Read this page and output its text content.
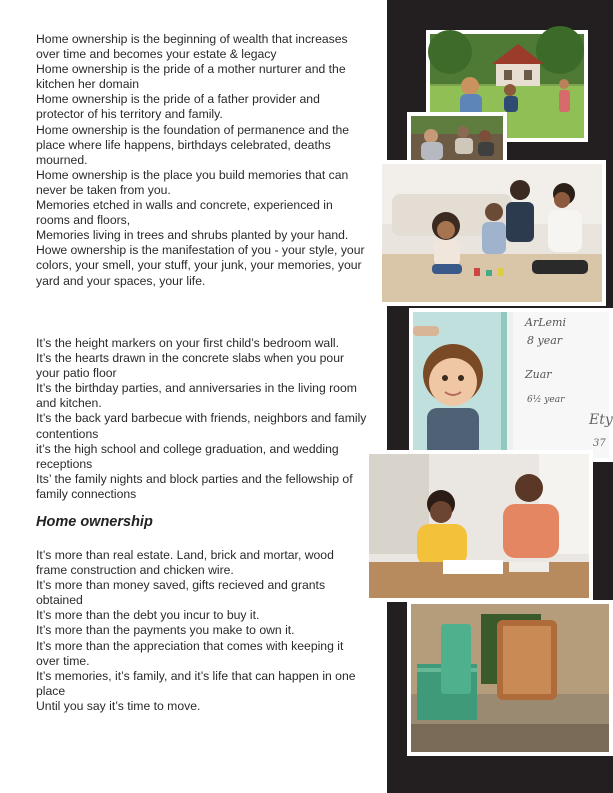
Home ownership is the beginning of wealth that increases over time and becomes your estate & legacy
Home ownership is the pride of a mother nurturer and the kitchen her domain
Home ownership is the pride of a father provider and protector of his territory and family.
Home ownership is the foundation of permanence and the place where life happens, birthdays celebrated, deaths mourned.
Home ownership is the place you build memories that can never be taken from you.
Memories etched in walls and concrete, experienced in rooms and floors,
Memories living in trees and shrubs planted by your hand.
Howe ownership is the manifestation of you - your style, your colors, your smell, your stuff, your junk, your memories, your yard and your spaces, your life.
It’s the height markers on your first child’s bedroom wall.
It’s the hearts drawn in the concrete slabs when you pour your patio floor
It’s the birthday parties, and anniversaries in the living room and kitchen.
It’s the back yard barbecue with friends, neighbors and family contentions
it’s the high school and college graduation, and wedding receptions
Its’ the family nights and block parties and the fellowship of family connections
Home ownership
It’s more than real estate. Land, brick and mortar, wood frame construction and chicken wire.
It’s more than money saved, gifts recieved and grants obtained
It’s more than the debt you incur to buy it.
It’s more than the payments you make to own it.
It’s more than the appreciation that comes with keeping it over time.
It’s memories, it’s family, and it’s life that can happen in one place
Until you say it’s time to move.
ArLemi
8 year
Zuar
6½ year
Ety
37
